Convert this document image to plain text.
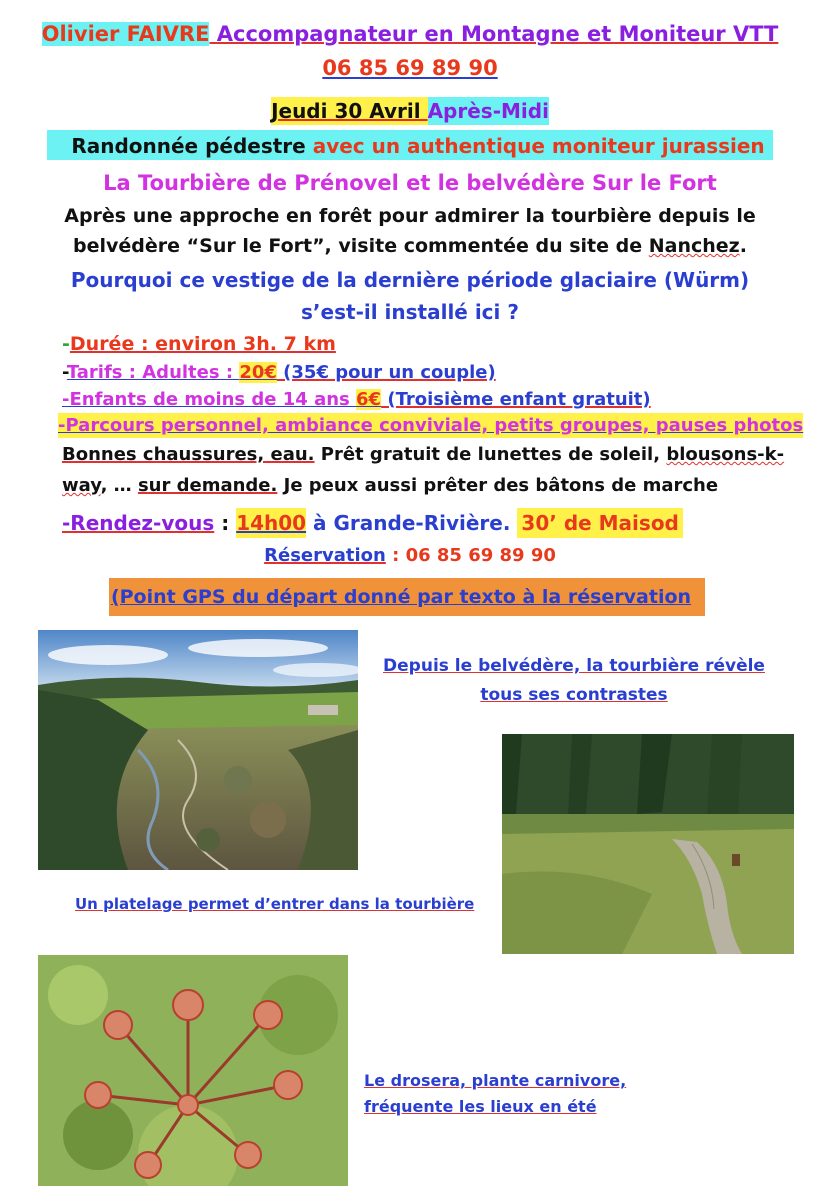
Olivier FAIVRE Accompagnateur en Montagne et Moniteur VTT
06 85 69 89 90
Jeudi 30 Avril Après-Midi
Randonnée pédestre avec un authentique moniteur jurassien
La Tourbière de Prénovel et le belvédère Sur le Fort
Après une approche en forêt pour admirer la tourbière depuis le
belvédère “Sur le Fort”, visite commentée du site de Nanchez.
Pourquoi ce vestige de la dernière période glaciaire (Würm)
s’est-il installé ici ?
-Durée : environ 3h. 7 km
-Tarifs : Adultes : 20€ (35€ pour un couple)
-Enfants de moins de 14 ans 6€ (Troisième enfant gratuit)
-Parcours personnel, ambiance conviviale, petits groupes, pauses photos
Bonnes chaussures, eau. Prêt gratuit de lunettes de soleil, blousons-k-
way, … sur demande. Je peux aussi prêter des bâtons de marche
-Rendez-vous : 14h00 à Grande-Rivière. 30’ de Maisod
Réservation : 06 85 69 89 90
(Point GPS du départ donné par texto à la réservation
Depuis le belvédère, la tourbière révèle
tous ses contrastes
Un platelage permet d’entrer dans la tourbière
Le drosera, plante carnivore,
fréquente les lieux en été
